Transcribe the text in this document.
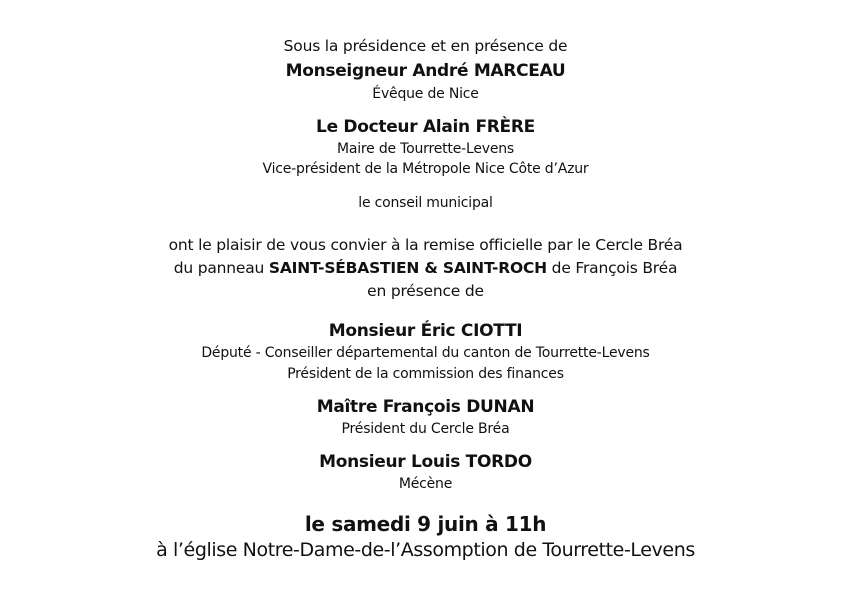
Sous la présidence et en présence de
Monseigneur André MARCEAU
Évêque de Nice
Le Docteur Alain FRÈRE
Maire de Tourrette-Levens
Vice-président de la Métropole Nice Côte d’Azur
le conseil municipal
ont le plaisir de vous convier à la remise officielle par le Cercle Bréa
du panneau SAINT-SÉBASTIEN & SAINT-ROCH de François Bréa
en présence de
Monsieur Éric CIOTTI
Député - Conseiller départemental du canton de Tourrette-Levens
Président de la commission des finances
Maître François DUNAN
Président du Cercle Bréa
Monsieur Louis TORDO
Mécène
le samedi 9 juin à 11h
à l’église Notre-Dame-de-l’Assomption de Tourrette-Levens
